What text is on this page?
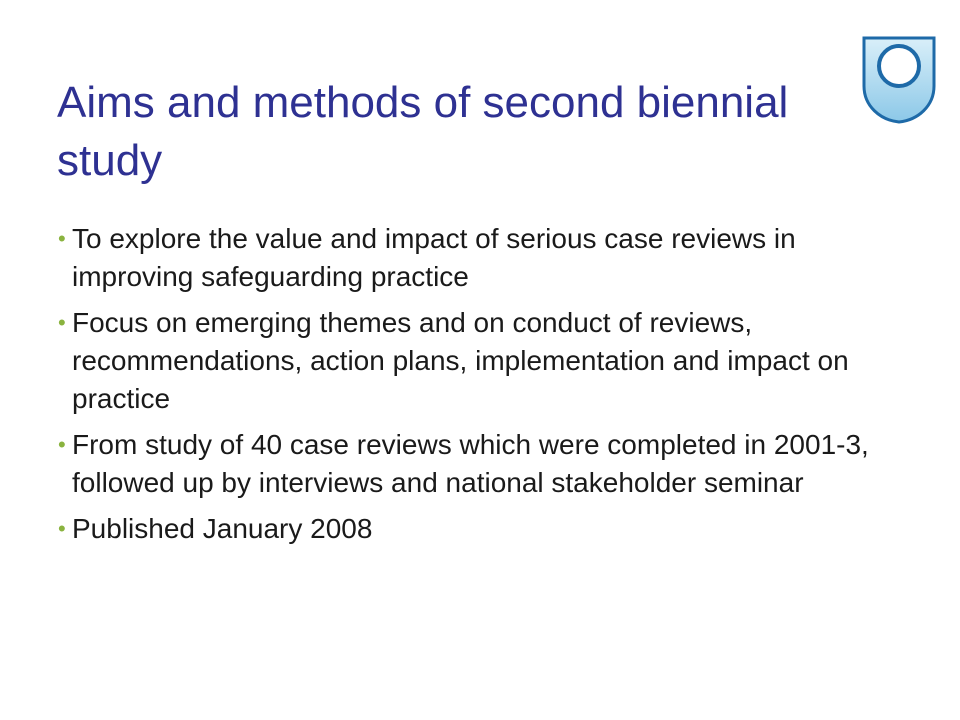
Aims and methods of second biennial study
• To explore the value and impact of serious case reviews in improving safeguarding practice
• Focus on emerging themes and on conduct of reviews, recommendations, action plans, implementation and impact on practice
• From study of 40 case reviews which were completed in 2001-3, followed up by interviews and national stakeholder seminar
• Published January 2008
